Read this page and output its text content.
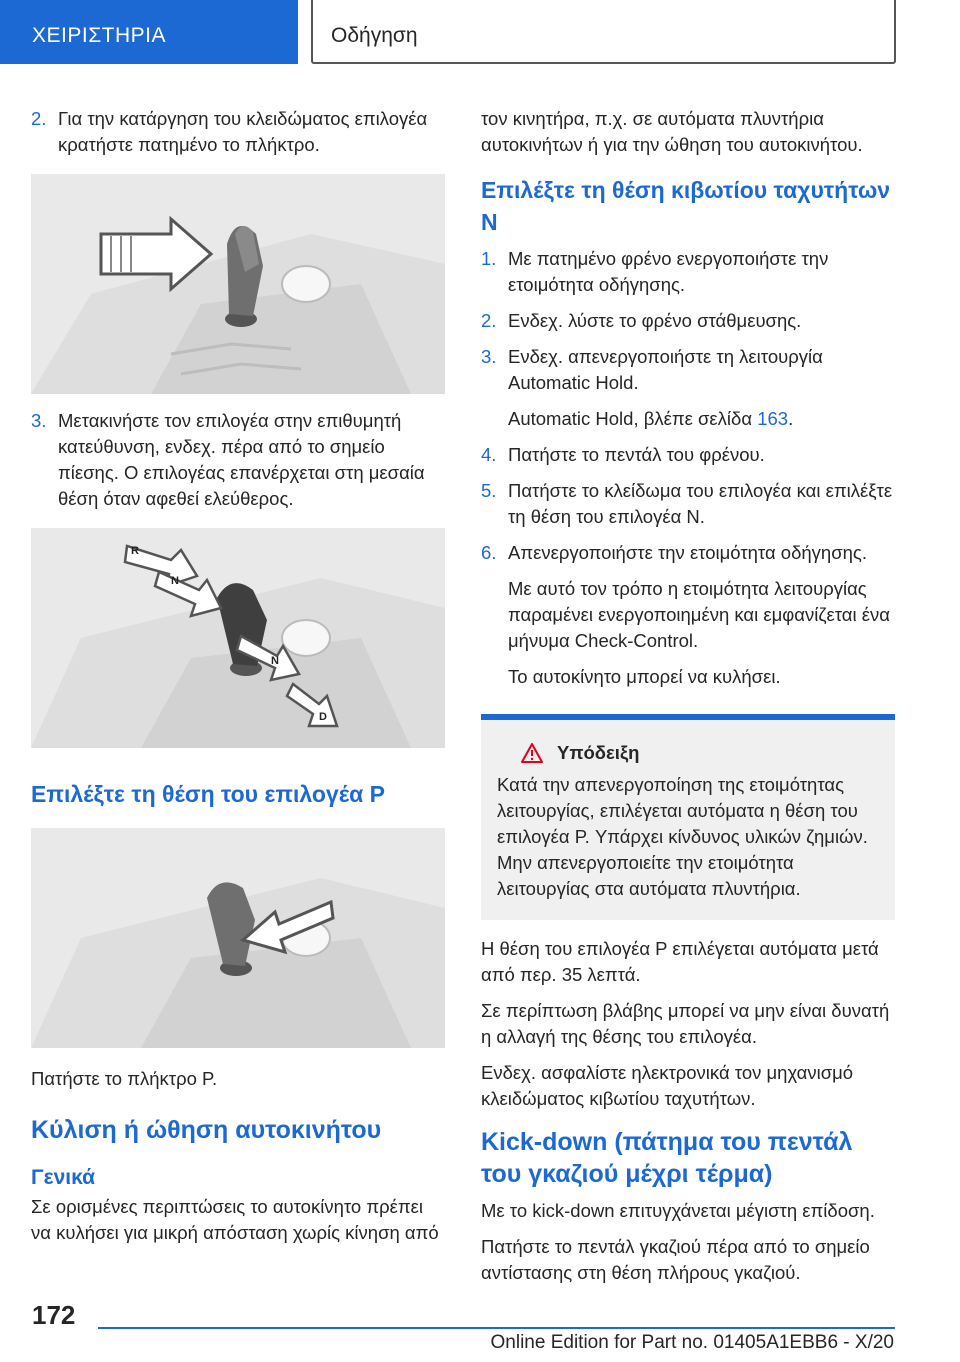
ΧΕΙΡΙΣΤΗΡΙΑ	Οδήγηση
2. Για την κατάργηση του κλειδώματος επιλογέα κρατήστε πατημένο το πλήκτρο.
3. Μετακινήστε τον επιλογέα στην επιθυμητή κατεύθυνση, ενδεχ. πέρα από το σημείο πίεσης. Ο επιλογέας επανέρχεται στη μεσαία θέση όταν αφεθεί ελεύθερος.
R
N
N
D
Επιλέξτε τη θέση του επιλογέα P
Πατήστε το πλήκτρο P.
Κύλιση ή ώθηση αυτοκινήτου
Γενικά
Σε ορισμένες περιπτώσεις το αυτοκίνητο πρέπει να κυλήσει για μικρή απόσταση χωρίς κίνηση από
τον κινητήρα, π.χ. σε αυτόματα πλυντήρια αυτοκινήτων ή για την ώθηση του αυτοκινήτου.
Επιλέξτε τη θέση κιβωτίου ταχυτήτων N
1. Με πατημένο φρένο ενεργοποιήστε την ετοιμότητα οδήγησης.
2. Ενδεχ. λύστε το φρένο στάθμευσης.
3. Ενδεχ. απενεργοποιήστε τη λειτουργία Automatic Hold.
Automatic Hold, βλέπε σελίδα 163.
4. Πατήστε το πεντάλ του φρένου.
5. Πατήστε το κλείδωμα του επιλογέα και επιλέξτε τη θέση του επιλογέα N.
6. Απενεργοποιήστε την ετοιμότητα οδήγησης.
Με αυτό τον τρόπο η ετοιμότητα λειτουργίας παραμένει ενεργοποιημένη και εμφανίζεται ένα μήνυμα Check-Control.
Το αυτοκίνητο μπορεί να κυλήσει.
Υπόδειξη
Κατά την απενεργοποίηση της ετοιμότητας λειτουργίας, επιλέγεται αυτόματα η θέση του επιλογέα P. Υπάρχει κίνδυνος υλικών ζημιών. Μην απενεργοποιείτε την ετοιμότητα λειτουργίας στα αυτόματα πλυντήρια.
Η θέση του επιλογέα P επιλέγεται αυτόματα μετά από περ. 35 λεπτά.
Σε περίπτωση βλάβης μπορεί να μην είναι δυνατή η αλλαγή της θέσης του επιλογέα.
Ενδεχ. ασφαλίστε ηλεκτρονικά τον μηχανισμό κλειδώματος κιβωτίου ταχυτήτων.
Kick-down (πάτημα του πεντάλ του γκαζιού μέχρι τέρμα)
Με το kick-down επιτυγχάνεται μέγιστη επίδοση.
Πατήστε το πεντάλ γκαζιού πέρα από το σημείο αντίστασης στη θέση πλήρους γκαζιού.
172
Online Edition for Part no. 01405A1EBB6 - X/20
